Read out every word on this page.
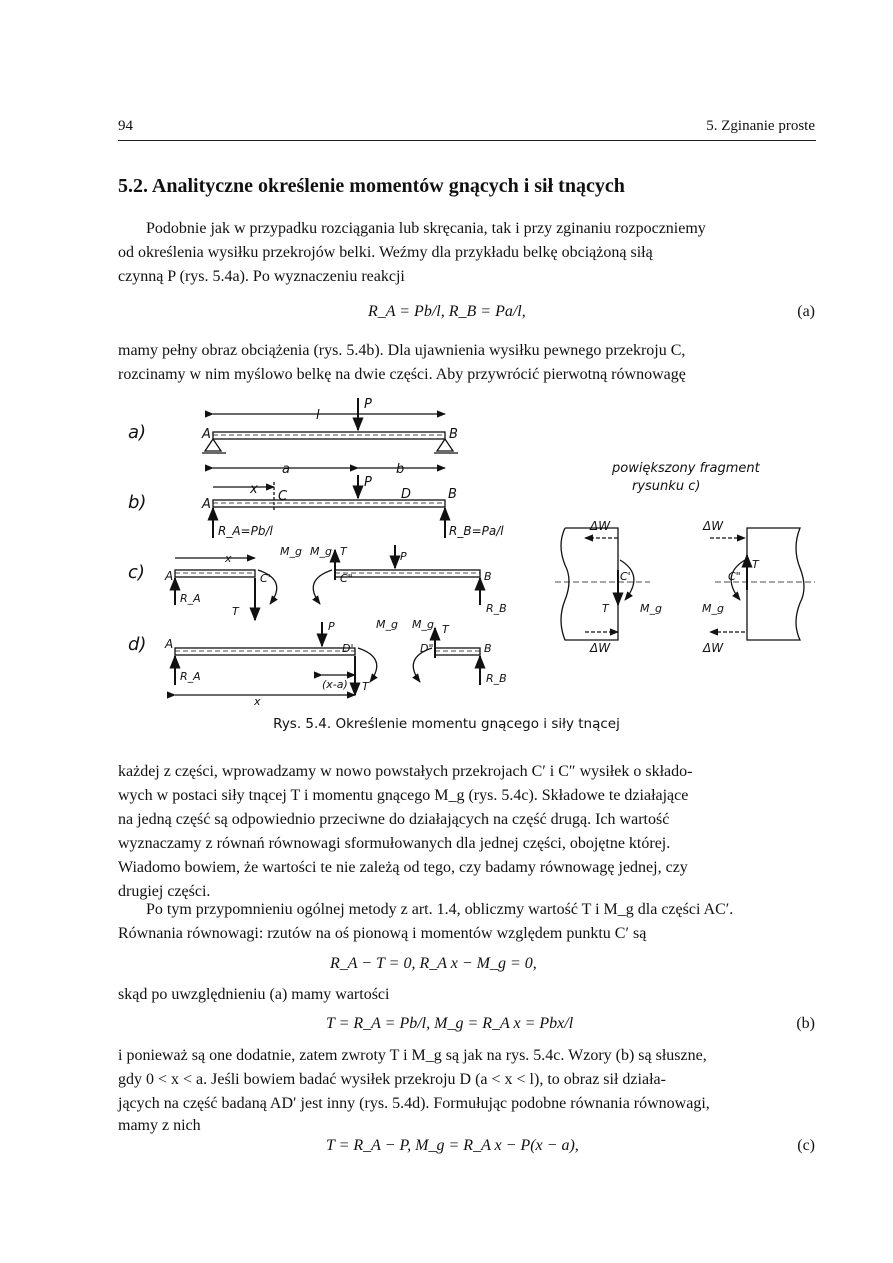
94	5. Zginanie proste
5.2. Analityczne określenie momentów gnących i sił tnących
Podobnie jak w przypadku rozciągania lub skręcania, tak i przy zginaniu rozpoczniemy

od określenia wysiłku przekrojów belki. Weźmy dla przykładu belkę obciążoną siłą
czynną P (rys. 5.4a). Po wyznaczeniu reakcji
R_A = Pb/l, R_B = Pa/l,	(a)
mamy pełny obraz obciążenia (rys. 5.4b). Dla ujawnienia wysiłku pewnego przekroju C,
rozcinamy w nim myślowo belkę na dwie części. Aby przywrócić pierwotną równowagę
a)
b)
c)
d)
A	B
l
P
a	b
A
B
D
C
x	P
R_A=Pb/l	R_B=Pa/l
A
R_A
C'
T
M_g
x
M_g T
C"
P
B
R_B
A
R_A
P
D'
(x-a) T
M_g M_g T
D"	B
R_B
x
powiększony fragment
rysunku c)
ΔW
ΔW
ΔW
ΔW
C'
T	M_g
C"
T
M_g
Rys. 5.4. Określenie momentu gnącego i siły tnącej
każdej z części, wprowadzamy w nowo powstałych przekrojach C′ i C″ wysiłek o składo-
wych w postaci siły tnącej T i momentu gnącego M_g (rys. 5.4c). Składowe te działające
na jedną część są odpowiednio przeciwne do działających na część drugą. Ich wartość
wyznaczamy z równań równowagi sformułowanych dla jednej części, obojętne której.
Wiadomo bowiem, że wartości te nie zależą od tego, czy badamy równowagę jednej, czy
drugiej części.
Po tym przypomnieniu ogólnej metody z art. 1.4, obliczmy wartość T i M_g dla części AC′.
Równania równowagi: rzutów na oś pionową i momentów względem punktu C′ są
R_A − T = 0, R_A x − M_g = 0,
skąd po uwzględnieniu (a) mamy wartości
T = R_A = Pb/l, M_g = R_A x = Pbx/l	(b)
i ponieważ są one dodatnie, zatem zwroty T i M_g są jak na rys. 5.4c. Wzory (b) są słuszne,
gdy 0 < x < a. Jeśli bowiem badać wysiłek przekroju D (a < x < l), to obraz sił działa-
jących na część badaną AD′ jest inny (rys. 5.4d). Formułując podobne równania równowagi,
mamy z nich
T = R_A − P, M_g = R_A x − P(x − a),	(c)
